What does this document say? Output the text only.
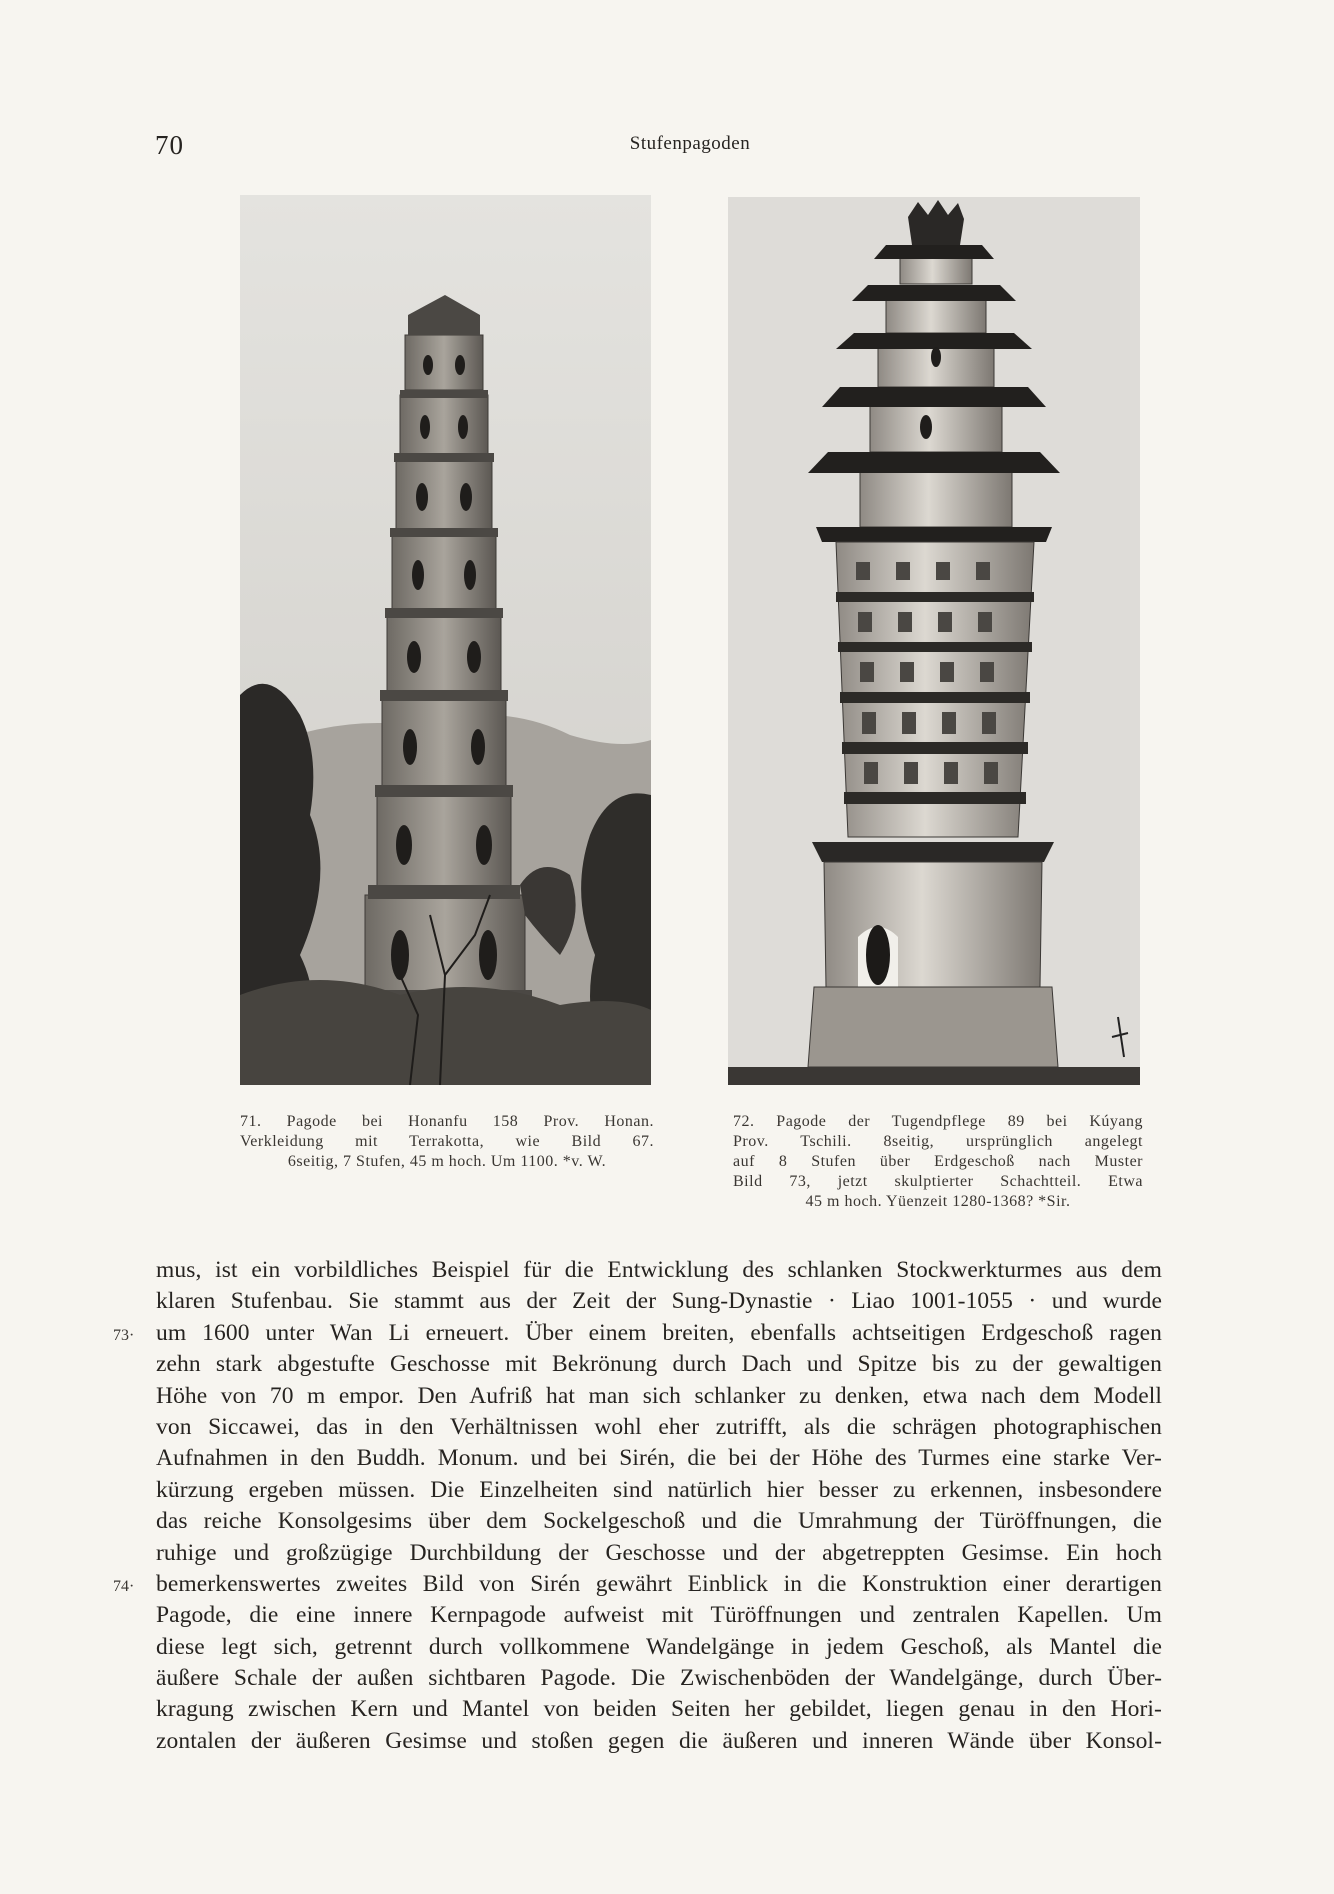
70	Stufenpagoden
71. Pagode bei Honanfu 158 Prov. Honan.
Verkleidung mit Terrakotta, wie Bild 67.
6seitig, 7 Stufen, 45 m hoch. Um 1100. *v. W.
72. Pagode der Tugendpflege 89 bei Kúyang
Prov. Tschili. 8seitig, ursprünglich angelegt
auf 8 Stufen über Erdgeschoß nach Muster
Bild 73, jetzt skulptierter Schachtteil. Etwa
45 m hoch. Yüenzeit 1280-1368? *Sir.
73·
74·
mus, ist ein vorbildliches Beispiel für die Entwicklung des schlanken Stockwerkturmes aus dem
klaren Stufenbau. Sie stammt aus der Zeit der Sung-Dynastie · Liao 1001-1055 · und wurde
um 1600 unter Wan Li erneuert. Über einem breiten, ebenfalls achtseitigen Erdgeschoß ragen
zehn stark abgestufte Geschosse mit Bekrönung durch Dach und Spitze bis zu der gewaltigen
Höhe von 70 m empor. Den Aufriß hat man sich schlanker zu denken, etwa nach dem Modell
von Siccawei, das in den Verhältnissen wohl eher zutrifft, als die schrägen photographischen
Aufnahmen in den Buddh. Monum. und bei Sirén, die bei der Höhe des Turmes eine starke Ver-
kürzung ergeben müssen. Die Einzelheiten sind natürlich hier besser zu erkennen, insbesondere
das reiche Konsolgesims über dem Sockelgeschoß und die Umrahmung der Türöffnungen, die
ruhige und großzügige Durchbildung der Geschosse und der abgetreppten Gesimse. Ein hoch
bemerkenswertes zweites Bild von Sirén gewährt Einblick in die Konstruktion einer derartigen
Pagode, die eine innere Kernpagode aufweist mit Türöffnungen und zentralen Kapellen. Um
diese legt sich, getrennt durch vollkommene Wandelgänge in jedem Geschoß, als Mantel die
äußere Schale der außen sichtbaren Pagode. Die Zwischenböden der Wandelgänge, durch Über-
kragung zwischen Kern und Mantel von beiden Seiten her gebildet, liegen genau in den Hori-
zontalen der äußeren Gesimse und stoßen gegen die äußeren und inneren Wände über Konsol-
